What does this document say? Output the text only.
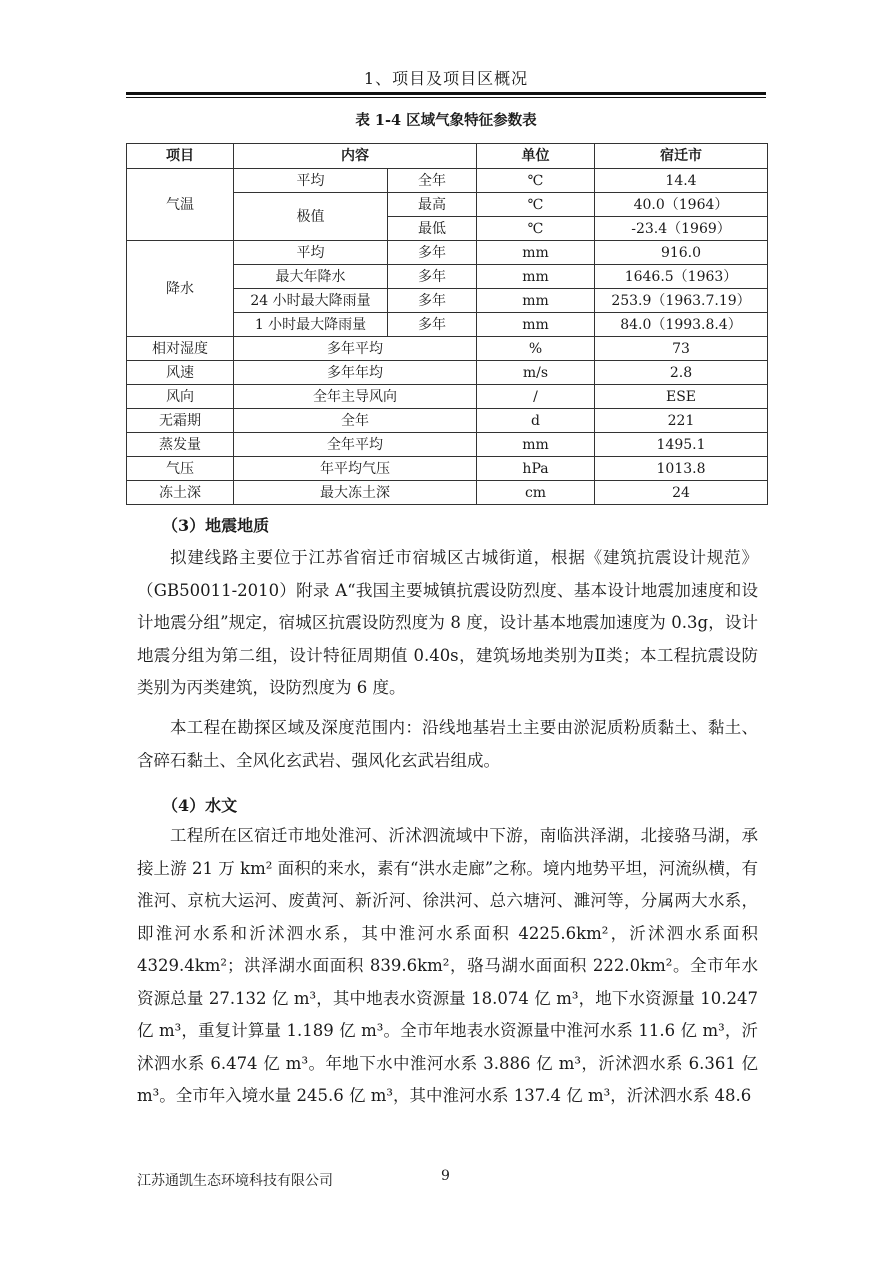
1、项目及项目区概况
表 1-4 区域气象特征参数表
项目	内容		单位	宿迁市
气温	平均	全年	℃	14.4
	极值	最高	℃	40.0（1964）
		最低	℃	-23.4（1969）
降水	平均	多年	mm	916.0
	最大年降水	多年	mm	1646.5（1963）
	24 小时最大降雨量	多年	mm	253.9（1963.7.19）
	1 小时最大降雨量	多年	mm	84.0（1993.8.4）
相对湿度	多年平均		%	73
风速	多年年均		m/s	2.8
风向	全年主导风向		/	ESE
无霜期	全年		d	221
蒸发量	全年平均		mm	1495.1
气压	年平均气压		hPa	1013.8
冻土深	最大冻土深		cm	24
（3）地震地质

拟建线路主要位于江苏省宿迁市宿城区古城街道，根据《建筑抗震设计规范》（GB50011-2010）附录 A“我国主要城镇抗震设防烈度、基本设计地震加速度和设计地震分组”规定，宿城区抗震设防烈度为 8 度，设计基本地震加速度为 0.3g，设计地震分组为第二组，设计特征周期值 0.40s，建筑场地类别为Ⅱ类；本工程抗震设防类别为丙类建筑，设防烈度为 6 度。

本工程在勘探区域及深度范围内：沿线地基岩土主要由淤泥质粉质黏土、黏土、含碎石黏土、全风化玄武岩、强风化玄武岩组成。

（4）水文

工程所在区宿迁市地处淮河、沂沭泗流域中下游，南临洪泽湖，北接骆马湖，承接上游 21 万 km² 面积的来水，素有“洪水走廊”之称。境内地势平坦，河流纵横，有淮河、京杭大运河、废黄河、新沂河、徐洪河、总六塘河、濉河等，分属两大水系，即淮河水系和沂沭泗水系，其中淮河水系面积 4225.6km²，沂沭泗水系面积 4329.4km²；洪泽湖水面面积 839.6km²，骆马湖水面面积 222.0km²。全市年水资源总量 27.132 亿 m³，其中地表水资源量 18.074 亿 m³，地下水资源量 10.247 亿 m³，重复计算量 1.189 亿 m³。全市年地表水资源量中淮河水系 11.6 亿 m³，沂沭泗水系 6.474 亿 m³。年地下水中淮河水系 3.886 亿 m³，沂沭泗水系 6.361 亿 m³。全市年入境水量 245.6 亿 m³，其中淮河水系 137.4 亿 m³，沂沭泗水系 48.6

江苏通凯生态环境科技有限公司	9
